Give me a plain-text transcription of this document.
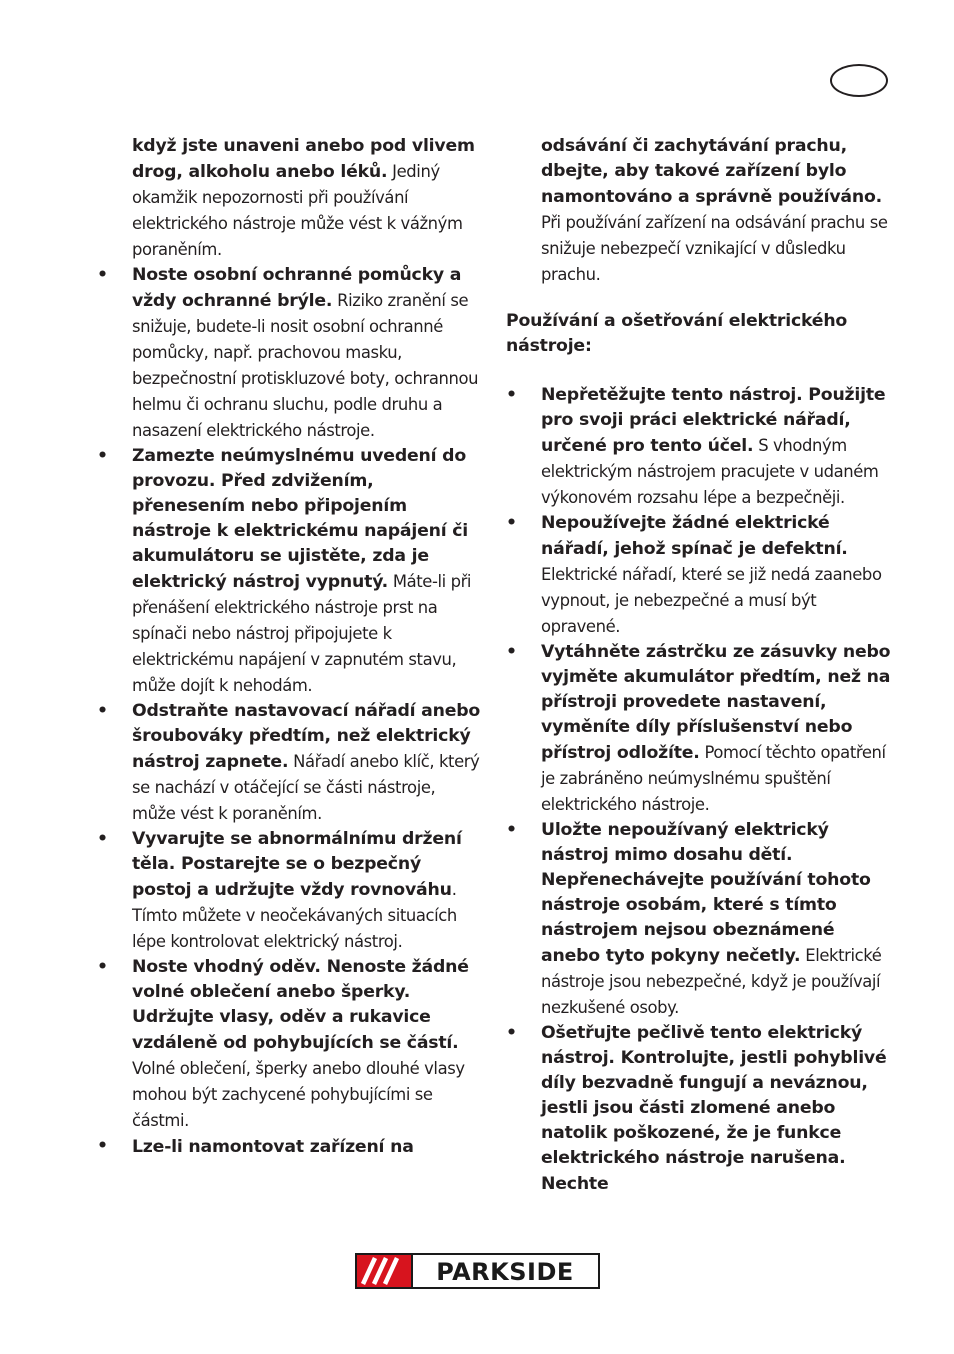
když jste unaveni anebo pod vlivem drog, alkoholu anebo léků. Jediný okamžik nepozornosti při používání elektrického nástroje může vést k vážným poraněním.

• Noste osobní ochranné pomůcky a vždy ochranné brýle. Riziko zranění se snižuje, budete-li nosit osobní ochranné pomůcky, např. prachovou masku, bezpečnostní protiskluzové boty, ochrannou helmu či ochranu sluchu, podle druhu a nasazení elektrického nástroje.

• Zamezte neúmyslnému uvedení do provozu. Před zdvižením, přenesením nebo připojením nástroje k elektrickému napájení či akumulátoru se ujistěte, zda je elektrický nástroj vypnutý. Máte-li při přenášení elektrického nástroje prst na spínači nebo nástroj připojujete k elektrickému napájení v zapnutém stavu, může dojít k nehodám.

• Odstraňte nastavovací nářadí anebo šroubováky předtím, než elektrický nástroj zapnete. Nářadí anebo klíč, který se nachází v otáčející se části nástroje, může vést k poraněním.

• Vyvarujte se abnormálnímu držení těla. Postarejte se o bezpečný postoj a udržujte vždy rovnováhu. Tímto můžete v neočekávaných situacích lépe kontrolovat elektrický nástroj.

• Noste vhodný oděv. Nenoste žádné volné oblečení anebo šperky. Udržujte vlasy, oděv a rukavice vzdáleně od pohybujících se částí. Volné oblečení, šperky anebo dlouhé vlasy mohou být zachycené pohybujícími se částmi.

• Lze-li namontovat zařízení na

odsávání či zachytávání prachu, dbejte, aby takové zařízení bylo namontováno a správně používáno. Při používání zařízení na odsávání prachu se snižuje nebezpečí vznikající v důsledku prachu.

Používání a ošetřování elektrického nástroje:

• Nepřetěžujte tento nástroj. Použijte pro svoji práci elektrické nářadí, určené pro tento účel. S vhodným elektrickým nástrojem pracujete v udaném výkonovém rozsahu lépe a bezpečněji.

• Nepoužívejte žádné elektrické nářadí, jehož spínač je defektní. Elektrické nářadí, které se již nedá zaanebo vypnout, je nebezpečné a musí být opravené.

• Vytáhněte zástrčku ze zásuvky nebo vyjměte akumulátor předtím, než na přístroji provedete nastavení, vyměníte díly příslušenství nebo přístroj odložíte. Pomocí těchto opatření je zabráněno neúmyslnému spuštění elektrického nástroje.

• Uložte nepoužívaný elektrický nástroj mimo dosahu dětí. Nepřenechávejte používání tohoto nástroje osobám, které s tímto nástrojem nejsou obeznámené anebo tyto pokyny nečetly. Elektrické nástroje jsou nebezpečné, když je používají nezkušené osoby.

• Ošetřujte pečlivě tento elektrický nástroj. Kontrolujte, jestli pohyblivé díly bezvadně fungují a neváznou, jestli jsou části zlomené anebo natolik poškozené, že je funkce elektrického nástroje narušena. Nechte

PARKSIDE
